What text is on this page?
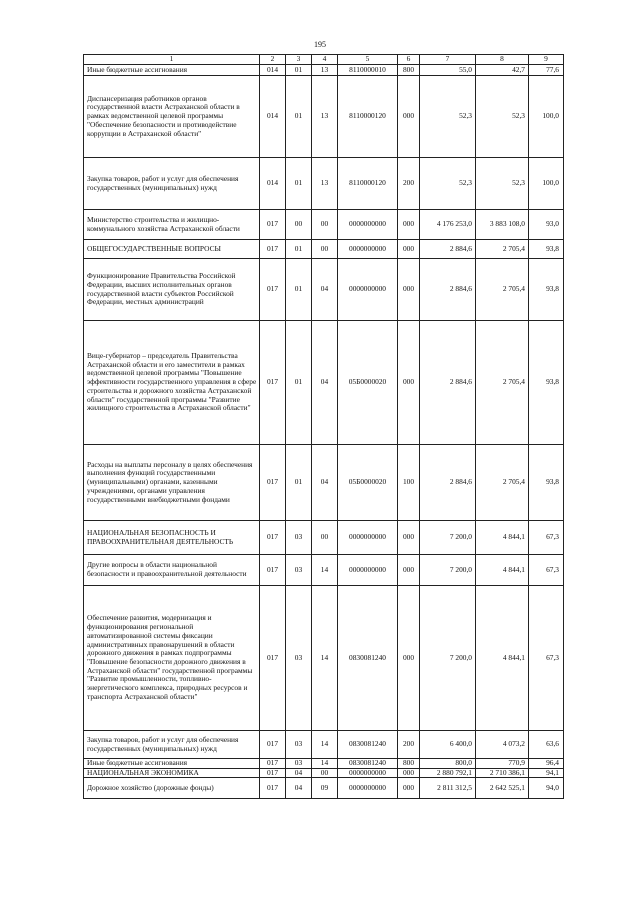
195
1	2	3	4	5	6	7	8	9
Иные бюджетные ассигнования	014	01	13	8110000010	800	55,0	42,7	77,6
Диспансеризация работников органов государственной власти Астраханской области в рамках ведомственной целевой программы "Обеспечение безопасности и противодействие коррупции в Астраханской области"	014	01	13	8110000120	000	52,3	52,3	100,0
Закупка товаров, работ и услуг для обеспечения государственных (муниципальных) нужд	014	01	13	8110000120	200	52,3	52,3	100,0
Министерство строительства и жилищно-коммунального хозяйства Астраханской области	017	00	00	0000000000	000	4 176 253,0	3 883 108,0	93,0
ОБЩЕГОСУДАРСТВЕННЫЕ ВОПРОСЫ	017	01	00	0000000000	000	2 884,6	2 705,4	93,8
Функционирование Правительства Российской Федерации, высших исполнительных органов государственной власти субъектов Российской Федерации, местных администраций	017	01	04	0000000000	000	2 884,6	2 705,4	93,8
Вице-губернатор – председатель Правительства Астраханской области и его заместители в рамках ведомственной целевой программы "Повышение эффективности государственного управления в сфере строительства и дорожного хозяйства Астраханской области" государственной программы "Развитие жилищного строительства в Астраханской области"	017	01	04	05Б0000020	000	2 884,6	2 705,4	93,8
Расходы на выплаты персоналу в целях обеспечения выполнения функций государственными (муниципальными) органами, казенными учреждениями, органами управления государственными внебюджетными фондами	017	01	04	05Б0000020	100	2 884,6	2 705,4	93,8
НАЦИОНАЛЬНАЯ БЕЗОПАСНОСТЬ И ПРАВООХРАНИТЕЛЬНАЯ ДЕЯТЕЛЬНОСТЬ	017	03	00	0000000000	000	7 200,0	4 844,1	67,3
Другие вопросы в области национальной безопасности и правоохранительной деятельности	017	03	14	0000000000	000	7 200,0	4 844,1	67,3
Обеспечение развития, модернизация и функционирования региональной автоматизированной системы фиксации административных правонарушений в области дорожного движения в рамках подпрограммы "Повышение безопасности дорожного движения в Астраханской области" государственной программы "Развитие промышленности, топливно-энергетического комплекса, природных ресурсов и транспорта Астраханской области"	017	03	14	0830081240	000	7 200,0	4 844,1	67,3
Закупка товаров, работ и услуг для обеспечения государственных (муниципальных) нужд	017	03	14	0830081240	200	6 400,0	4 073,2	63,6
Иные бюджетные ассигнования	017	03	14	0830081240	800	800,0	770,9	96,4
НАЦИОНАЛЬНАЯ ЭКОНОМИКА	017	04	00	0000000000	000	2 880 792,1	2 710 386,1	94,1
Дорожное хозяйство (дорожные фонды)	017	04	09	0000000000	000	2 811 312,5	2 642 525,1	94,0
